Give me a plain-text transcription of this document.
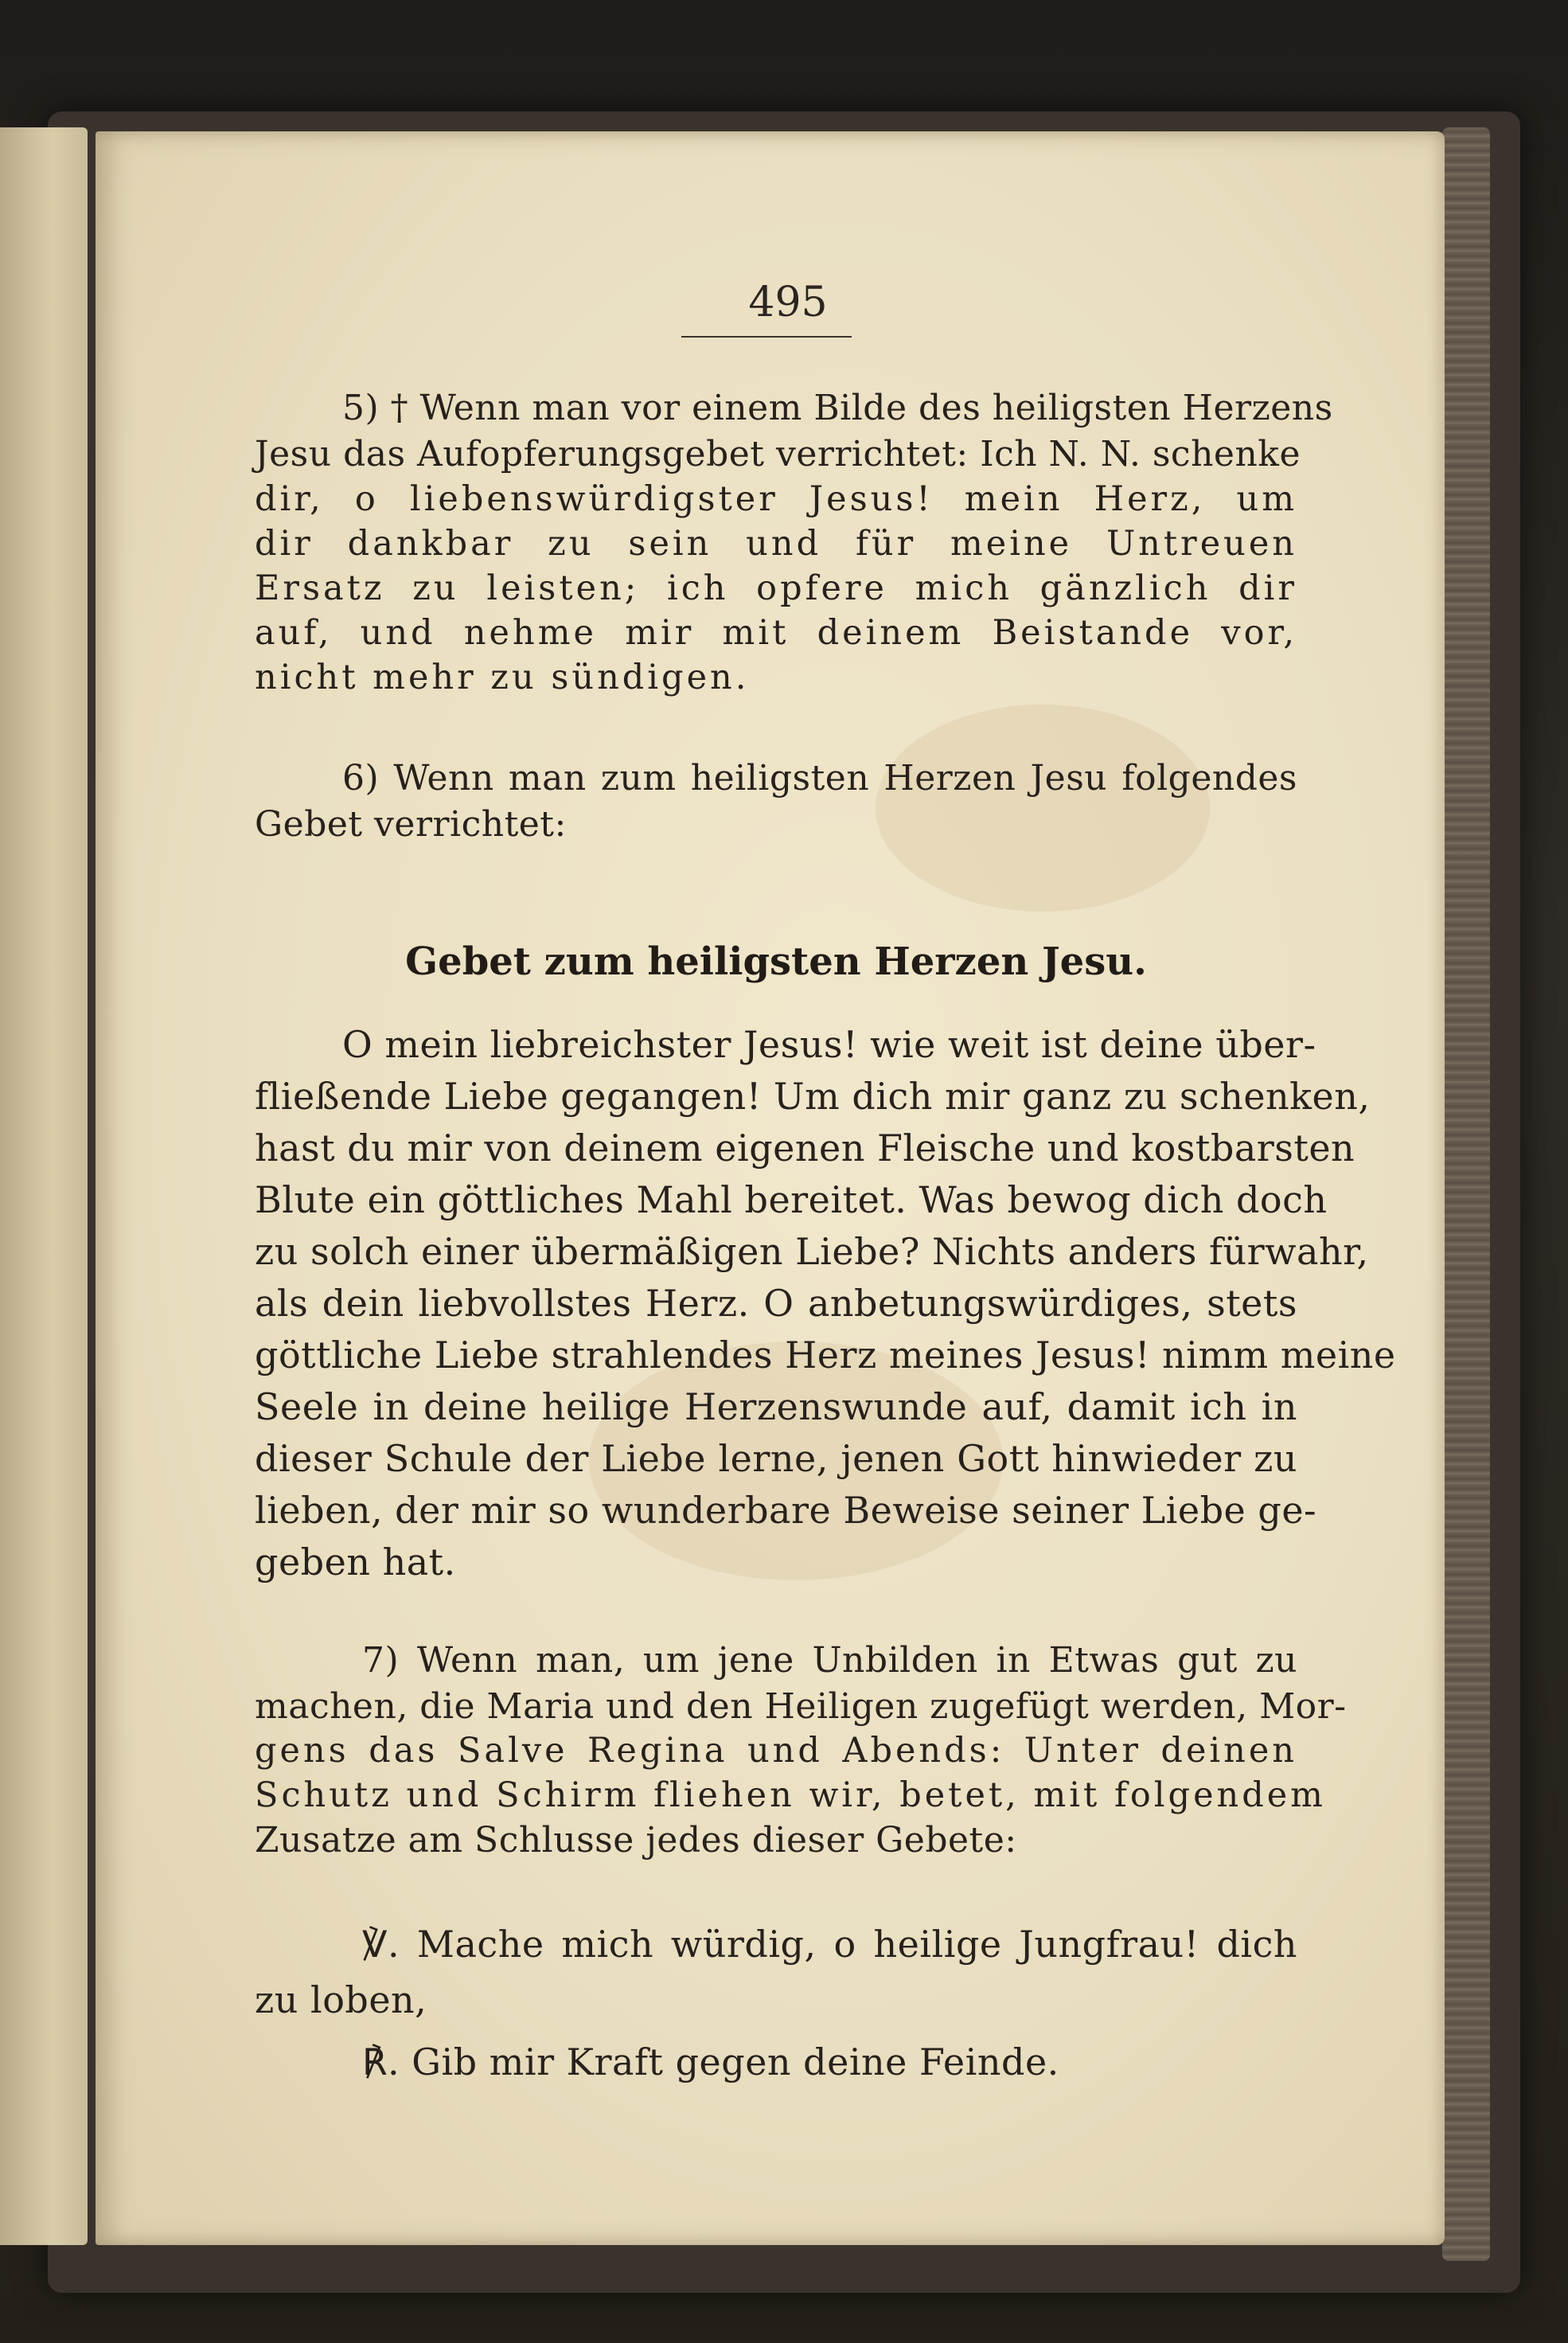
495
5) † Wenn man vor einem Bilde des heiligsten Herzens
Jesu das Aufopferungsgebet verrichtet: Ich N. N. schenke
dir, o liebenswürdigster Jesus! mein Herz, um
dir dankbar zu sein und für meine Untreuen
Ersatz zu leisten; ich opfere mich gänzlich dir
auf, und nehme mir mit deinem Beistande vor,
nicht mehr zu sündigen.
6) Wenn man zum heiligsten Herzen Jesu folgendes
Gebet verrichtet:
Gebet zum heiligsten Herzen Jesu.
O mein liebreichster Jesus! wie weit ist deine über-
fließende Liebe gegangen! Um dich mir ganz zu schenken,
hast du mir von deinem eigenen Fleische und kostbarsten
Blute ein göttliches Mahl bereitet. Was bewog dich doch
zu solch einer übermäßigen Liebe? Nichts anders fürwahr,
als dein liebvollstes Herz. O anbetungswürdiges, stets
göttliche Liebe strahlendes Herz meines Jesus! nimm meine
Seele in deine heilige Herzenswunde auf, damit ich in
dieser Schule der Liebe lerne, jenen Gott hinwieder zu
lieben, der mir so wunderbare Beweise seiner Liebe ge-
geben hat.
7) Wenn man, um jene Unbilden in Etwas gut zu
machen, die Maria und den Heiligen zugefügt werden, Mor-
gens das Salve Regina und Abends: Unter deinen
Schutz und Schirm fliehen wir, betet, mit folgendem
Zusatze am Schlusse jedes dieser Gebete:
℣. Mache mich würdig, o heilige Jungfrau! dich
zu loben,
℟. Gib mir Kraft gegen deine Feinde.
